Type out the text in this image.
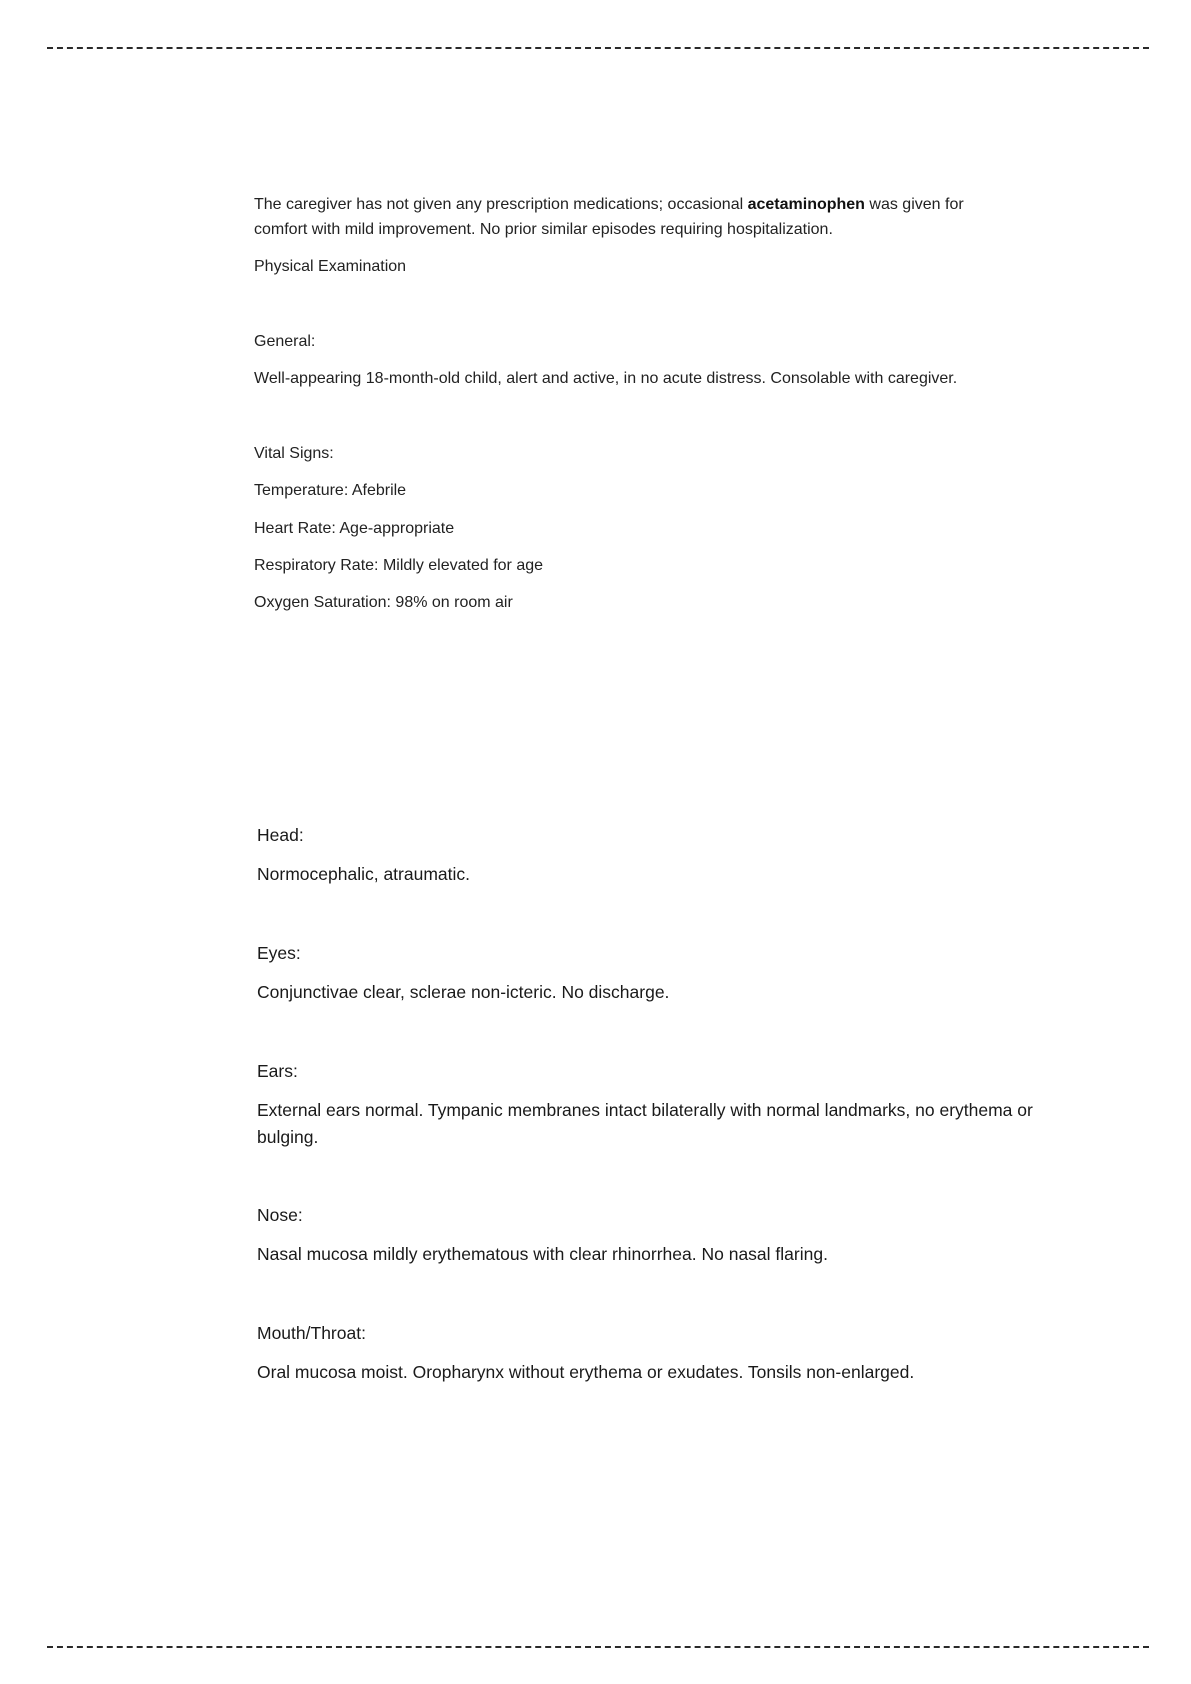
The caregiver has not given any prescription medications; occasional acetaminophen was given for comfort with mild improvement. No prior similar episodes requiring hospitalization.

Physical Examination

General:

Well-appearing 18-month-old child, alert and active, in no acute distress. Consolable with caregiver.

Vital Signs:

Temperature: Afebrile

Heart Rate: Age-appropriate

Respiratory Rate: Mildly elevated for age

Oxygen Saturation: 98% on room air

Head:

Normocephalic, atraumatic.

Eyes:

Conjunctivae clear, sclerae non-icteric. No discharge.

Ears:

External ears normal. Tympanic membranes intact bilaterally with normal landmarks, no erythema or

bulging.

Nose:

Nasal mucosa mildly erythematous with clear rhinorrhea. No nasal flaring.

Mouth/Throat:

Oral mucosa moist. Oropharynx without erythema or exudates. Tonsils non-enlarged.
